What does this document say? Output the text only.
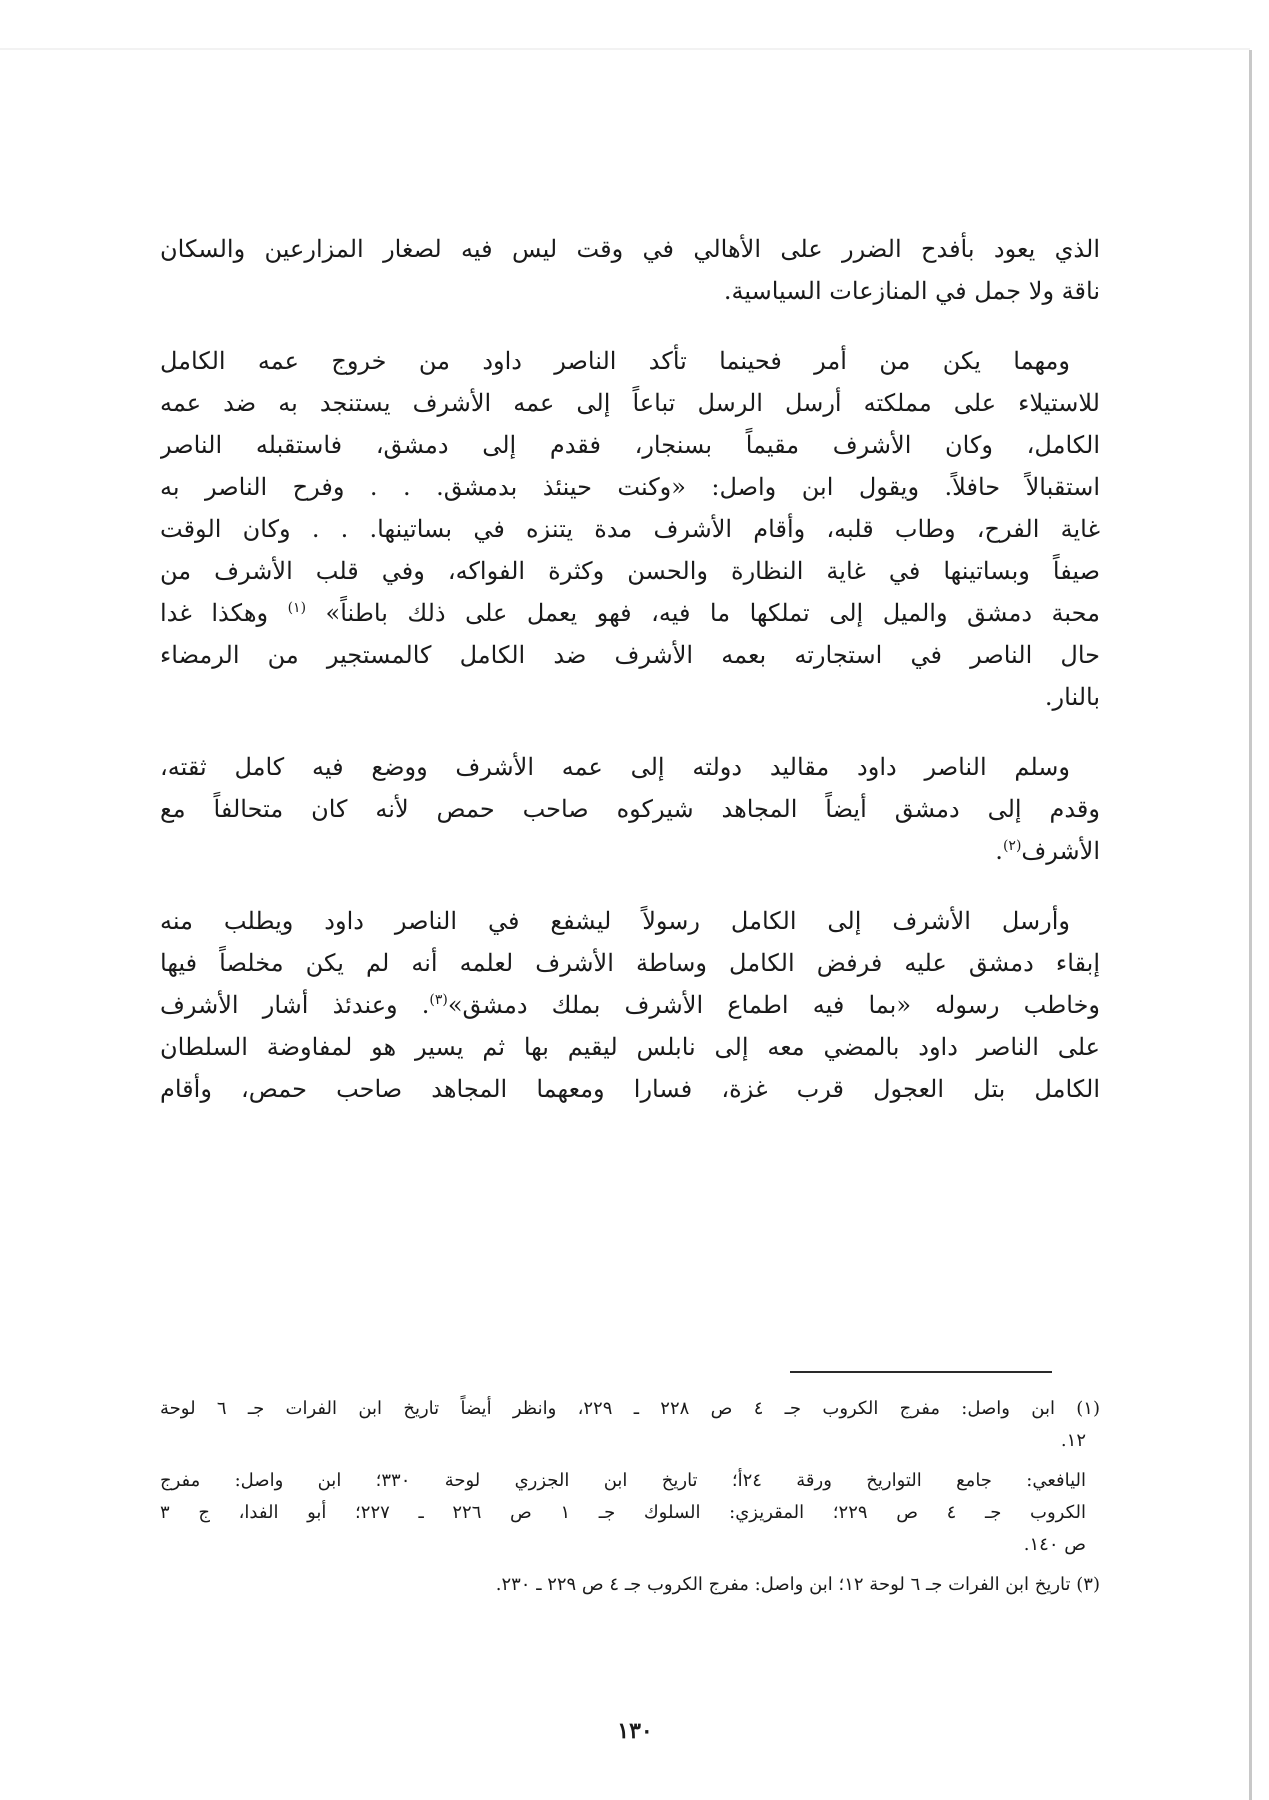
الذي يعود بأفدح الضرر على الأهالي في وقت ليس فيه لصغار المزارعين والسكان
ناقة ولا جمل في المنازعات السياسية.
ومهما يكن من أمر فحينما تأكد الناصر داود من خروج عمه الكامل
للاستيلاء على مملكته أرسل الرسل تباعاً إلى عمه الأشرف يستنجد به ضد عمه
الكامل، وكان الأشرف مقيماً بسنجار، فقدم إلى دمشق، فاستقبله الناصر
استقبالاً حافلاً. ويقول ابن واصل: «وكنت حينئذ بدمشق. . . وفرح الناصر به
غاية الفرح، وطاب قلبه، وأقام الأشرف مدة يتنزه في بساتينها. . . وكان الوقت
صيفاً وبساتينها في غاية النظارة والحسن وكثرة الفواكه، وفي قلب الأشرف من
محبة دمشق والميل إلى تملكها ما فيه، فهو يعمل على ذلك باطناً» $^{(١)}$ وهكذا غدا
حال الناصر في استجارته بعمه الأشرف ضد الكامل كالمستجير من الرمضاء
بالنار.
وسلم الناصر داود مقاليد دولته إلى عمه الأشرف ووضع فيه كامل ثقته،
وقدم إلى دمشق أيضاً المجاهد شيركوه صاحب حمص لأنه كان متحالفاً مع
الأشرف$^{(٢)}$.
وأرسل الأشرف إلى الكامل رسولاً ليشفع في الناصر داود ويطلب منه
إبقاء دمشق عليه فرفض الكامل وساطة الأشرف لعلمه أنه لم يكن مخلصاً فيها
وخاطب رسوله «بما فيه اطماع الأشرف بملك دمشق»$^{(٣)}$. وعندئذ أشار الأشرف
على الناصر داود بالمضي معه إلى نابلس ليقيم بها ثم يسير هو لمفاوضة السلطان
الكامل بتل العجول قرب غزة، فسارا ومعهما المجاهد صاحب حمص، وأقام
(١) ابن واصل: مفرج الكروب جـ ٤ ص ٢٢٨ ـ ٢٢٩، وانظر أيضاً تاريخ ابن الفرات جـ ٦ لوحة
١٢.
اليافعي: جامع التواريخ ورقة ٢٤أ؛ تاريخ ابن الجزري لوحة ٣٣٠؛ ابن واصل: مفرج
الكروب جـ ٤ ص ٢٢٩؛ المقريزي: السلوك جـ ١ ص ٢٢٦ ـ ٢٢٧؛ أبو الفدا، ج ٣
ص ١٤٠.
(٣) تاريخ ابن الفرات جـ ٦ لوحة ١٢؛ ابن واصل: مفرج الكروب جـ ٤ ص ٢٢٩ ـ ٢٣٠.
١٣٠
